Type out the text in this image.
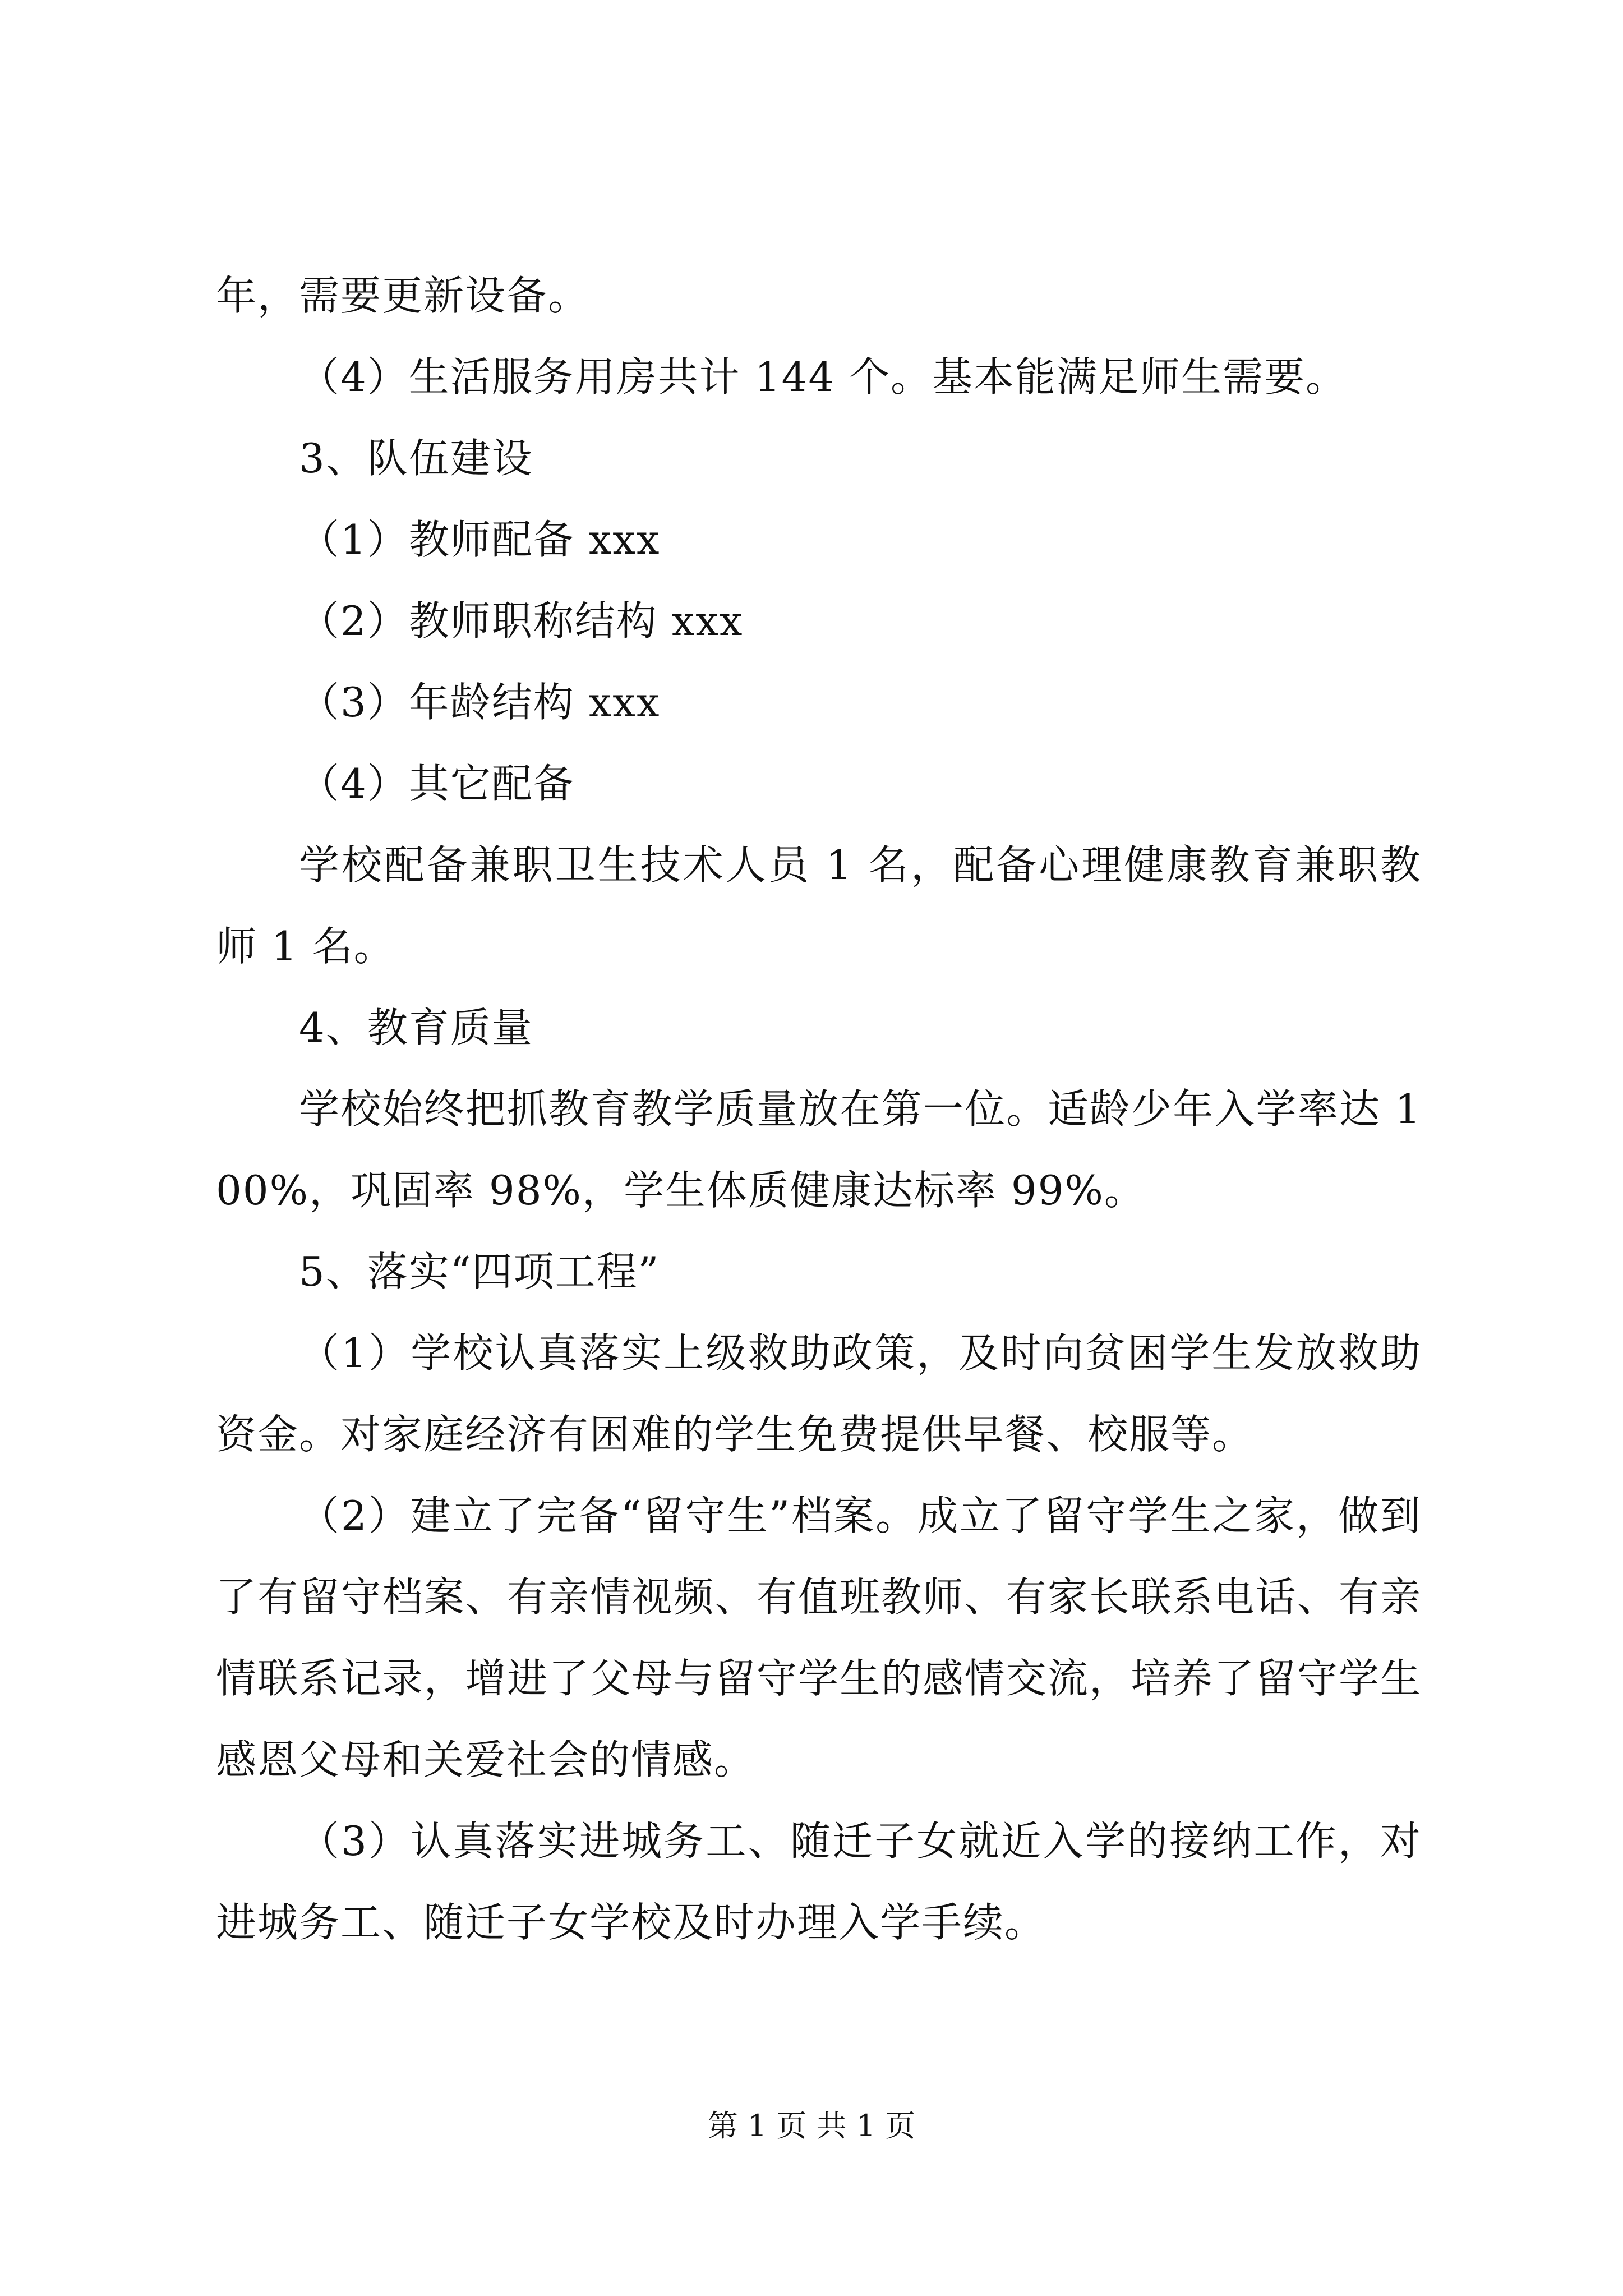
年，需要更新设备。

（4）生活服务用房共计 144 个。基本能满足师生需要。

3、队伍建设

（1）教师配备 xxx

（2）教师职称结构 xxx

（3）年龄结构 xxx

（4）其它配备

学校配备兼职卫生技术人员 1 名，配备心理健康教育兼职教师 1 名。

4、教育质量

学校始终把抓教育教学质量放在第一位。适龄少年入学率达 100%，巩固率 98%，学生体质健康达标率 99%。

5、落实“四项工程”

（1）学校认真落实上级救助政策，及时向贫困学生发放救助资金。对家庭经济有困难的学生免费提供早餐、校服等。

（2）建立了完备“留守生”档案。成立了留守学生之家，做到了有留守档案、有亲情视频、有值班教师、有家长联系电话、有亲情联系记录，增进了父母与留守学生的感情交流，培养了留守学生感恩父母和关爱社会的情感。

（3）认真落实进城务工、随迁子女就近入学的接纳工作，对进城务工、随迁子女学校及时办理入学手续。

第 1 页 共 1 页
